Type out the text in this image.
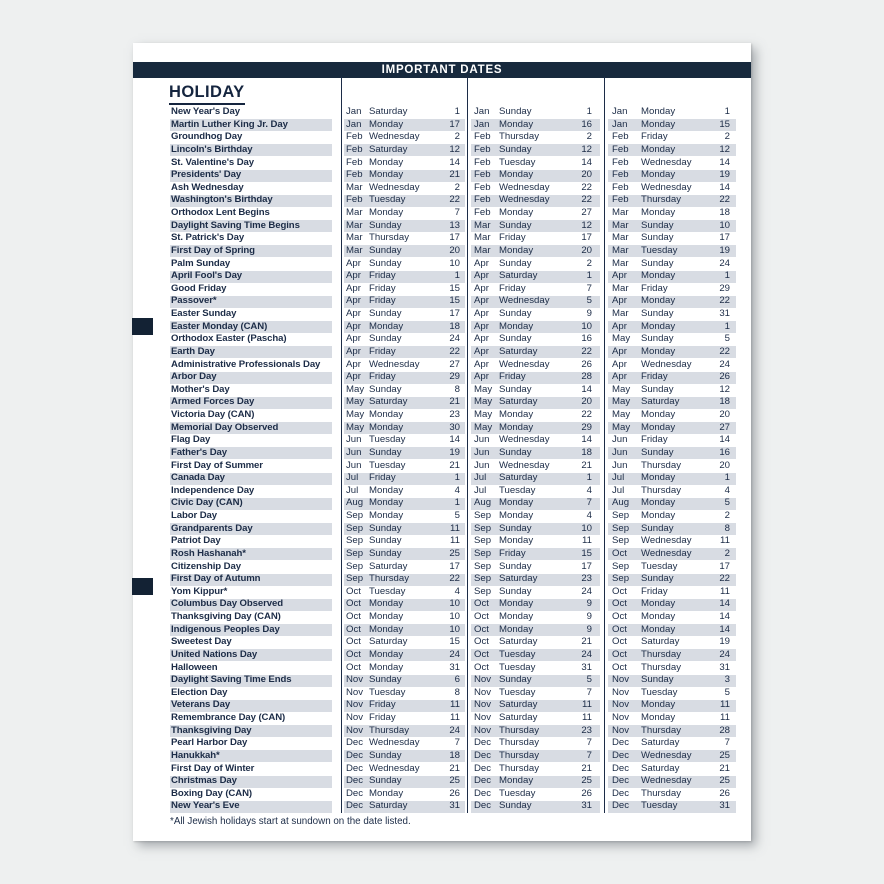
IMPORTANT DATES
HOLIDAY
New Year's Day	Jan Saturday	1 Jan Sunday	1 Jan Monday	1
Martin Luther King Jr. Day	Jan Monday	17 Jan Monday	16 Jan Monday	15
Groundhog Day	Feb Wednesday	2 Feb Thursday	2 Feb Friday	2
Lincoln's Birthday	Feb Saturday	12 Feb Sunday	12 Feb Monday	12
St. Valentine's Day	Feb Monday	14 Feb Tuesday	14 Feb Wednesday	14
Presidents' Day	Feb Monday	21 Feb Monday	20 Feb Monday	19
Ash Wednesday	Mar Wednesday	2 Feb Wednesday	22 Feb Wednesday	14
Washington's Birthday	Feb Tuesday	22 Feb Wednesday	22 Feb Thursday	22
Orthodox Lent Begins	Mar Monday	7 Feb Monday	27 Mar Monday	18
Daylight Saving Time Begins	Mar Sunday	13 Mar Sunday	12 Mar Sunday	10
St. Patrick's Day	Mar Thursday	17 Mar Friday	17 Mar Sunday	17
First Day of Spring	Mar Sunday	20 Mar Monday	20 Mar Tuesday	19
Palm Sunday	Apr Sunday	10 Apr Sunday	2 Mar Sunday	24
April Fool's Day	Apr Friday	1 Apr Saturday	1 Apr Monday	1
Good Friday	Apr Friday	15 Apr Friday	7 Mar Friday	29
Passover*	Apr Friday	15 Apr Wednesday	5 Apr Monday	22
Easter Sunday	Apr Sunday	17 Apr Sunday	9 Mar Sunday	31
Easter Monday (CAN)	Apr Monday	18 Apr Monday	10 Apr Monday	1
Orthodox Easter (Pascha)	Apr Sunday	24 Apr Sunday	16 May Sunday	5
Earth Day	Apr Friday	22 Apr Saturday	22 Apr Monday	22
Administrative Professionals Day	Apr Wednesday	27 Apr Wednesday	26 Apr Wednesday	24
Arbor Day	Apr Friday	29 Apr Friday	28 Apr Friday	26
Mother's Day	May Sunday	8 May Sunday	14 May Sunday	12
Armed Forces Day	May Saturday	21 May Saturday	20 May Saturday	18
Victoria Day (CAN)	May Monday	23 May Monday	22 May Monday	20
Memorial Day Observed	May Monday	30 May Monday	29 May Monday	27
Flag Day	Jun Tuesday	14 Jun Wednesday	14 Jun Friday	14
Father's Day	Jun Sunday	19 Jun Sunday	18 Jun Sunday	16
First Day of Summer	Jun Tuesday	21 Jun Wednesday	21 Jun Thursday	20
Canada Day	Jul Friday	1 Jul Saturday	1 Jul Monday	1
Independence Day	Jul Monday	4 Jul Tuesday	4 Jul Thursday	4
Civic Day (CAN)	Aug Monday	1 Aug Monday	7 Aug Monday	5
Labor Day	Sep Monday	5 Sep Monday	4 Sep Monday	2
Grandparents Day	Sep Sunday	11 Sep Sunday	10 Sep Sunday	8
Patriot Day	Sep Sunday	11 Sep Monday	11 Sep Wednesday	11
Rosh Hashanah*	Sep Sunday	25 Sep Friday	15 Oct Wednesday	2
Citizenship Day	Sep Saturday	17 Sep Sunday	17 Sep Tuesday	17
First Day of Autumn	Sep Thursday	22 Sep Saturday	23 Sep Sunday	22
Yom Kippur*	Oct Tuesday	4 Sep Sunday	24 Oct Friday	11
Columbus Day Observed	Oct Monday	10 Oct Monday	9 Oct Monday	14
Thanksgiving Day (CAN)	Oct Monday	10 Oct Monday	9 Oct Monday	14
Indigenous Peoples Day	Oct Monday	10 Oct Monday	9 Oct Monday	14
Sweetest Day	Oct Saturday	15 Oct Saturday	21 Oct Saturday	19
United Nations Day	Oct Monday	24 Oct Tuesday	24 Oct Thursday	24
Halloween	Oct Monday	31 Oct Tuesday	31 Oct Thursday	31
Daylight Saving Time Ends	Nov Sunday	6 Nov Sunday	5 Nov Sunday	3
Election Day	Nov Tuesday	8 Nov Tuesday	7 Nov Tuesday	5
Veterans Day	Nov Friday	11 Nov Saturday	11 Nov Monday	11
Remembrance Day (CAN)	Nov Friday	11 Nov Saturday	11 Nov Monday	11
Thanksgiving Day	Nov Thursday	24 Nov Thursday	23 Nov Thursday	28
Pearl Harbor Day	Dec Wednesday	7 Dec Thursday	7 Dec Saturday	7
Hanukkah*	Dec Sunday	18 Dec Thursday	7 Dec Wednesday	25
First Day of Winter	Dec Wednesday	21 Dec Thursday	21 Dec Saturday	21
Christmas Day	Dec Sunday	25 Dec Monday	25 Dec Wednesday	25
Boxing Day (CAN)	Dec Monday	26 Dec Tuesday	26 Dec Thursday	26
New Year's Eve	Dec Saturday	31 Dec Sunday	31 Dec Tuesday	31
*All Jewish holidays start at sundown on the date listed.
